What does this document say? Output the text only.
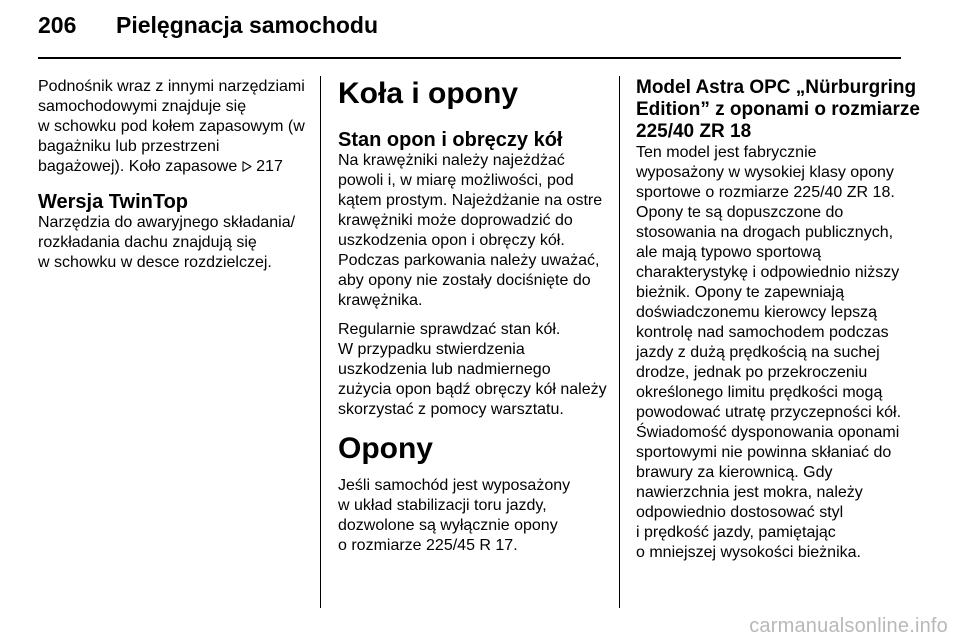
206	Pielęgnacja samochodu
Podnośnik wraz z innymi narzędziami
samochodowymi znajduje się
w schowku pod kołem zapasowym (w
bagażniku lub przestrzeni
bagażowej). Koło zapasowe 217
Wersja TwinTop
Narzędzia do awaryjnego składania/
rozkładania dachu znajdują się
w schowku w desce rozdzielczej.
Koła i opony
Stan opon i obręczy kół
Na krawężniki należy najeżdżać
powoli i, w miarę możliwości, pod
kątem prostym. Najeżdżanie na ostre
krawężniki może doprowadzić do
uszkodzenia opon i obręczy kół.
Podczas parkowania należy uważać,
aby opony nie zostały dociśnięte do
krawężnika.
Regularnie sprawdzać stan kół.
W przypadku stwierdzenia
uszkodzenia lub nadmiernego
zużycia opon bądź obręczy kół należy
skorzystać z pomocy warsztatu.
Opony
Jeśli samochód jest wyposażony
w układ stabilizacji toru jazdy,
dozwolone są wyłącznie opony
o rozmiarze 225/45 R 17.
Model Astra OPC „Nürburgring
Edition” z oponami o rozmiarze
225/40 ZR 18
Ten model jest fabrycznie
wyposażony w wysokiej klasy opony
sportowe o rozmiarze 225/40 ZR 18.
Opony te są dopuszczone do
stosowania na drogach publicznych,
ale mają typowo sportową
charakterystykę i odpowiednio niższy
bieżnik. Opony te zapewniają
doświadczonemu kierowcy lepszą
kontrolę nad samochodem podczas
jazdy z dużą prędkością na suchej
drodze, jednak po przekroczeniu
określonego limitu prędkości mogą
powodować utratę przyczepności kół.
Świadomość dysponowania oponami
sportowymi nie powinna skłaniać do
brawury za kierownicą. Gdy
nawierzchnia jest mokra, należy
odpowiednio dostosować styl
i prędkość jazdy, pamiętając
o mniejszej wysokości bieżnika.
carmanualsonline.info
